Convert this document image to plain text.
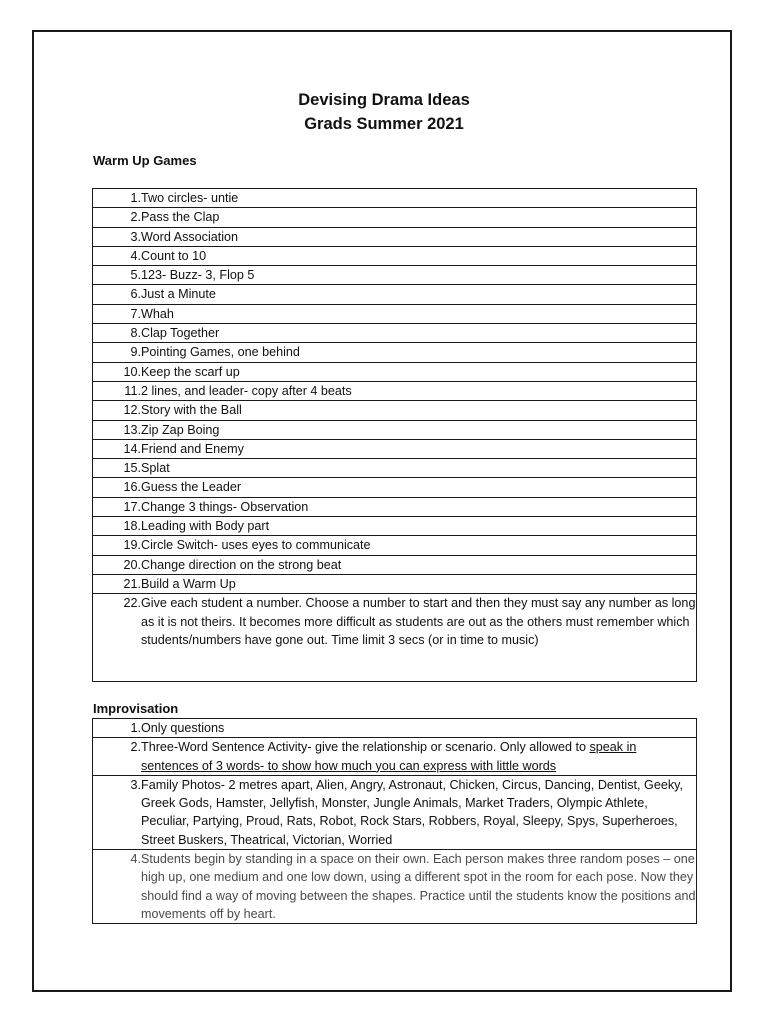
Devising Drama Ideas
Grads Summer 2021
Warm Up Games
1.	Two circles- untie
2.	Pass the Clap
3.	Word Association
4.	Count to 10
5.	123- Buzz- 3, Flop 5
6.	Just a Minute
7.	Whah
8.	Clap Together
9.	Pointing Games, one behind
10.	Keep the scarf up
11.	2 lines, and leader- copy after 4 beats
12.	Story with the Ball
13.	Zip Zap Boing
14.	Friend and Enemy
15.	Splat
16.	Guess the Leader
17.	Change 3 things- Observation
18.	Leading with Body part
19.	Circle Switch- uses eyes to communicate
20.	Change direction on the strong beat
21.	Build a Warm Up
22.	Give each student a number. Choose a number to start and then they must say any number as long as it is not theirs. It becomes more difficult as students are out as the others must remember which students/numbers have gone out. Time limit 3 secs (or in time to music)
Improvisation
1.	Only questions
2.	Three-Word Sentence Activity- give the relationship or scenario. Only allowed to speak in sentences of 3 words- to show how much you can express with little words
3.	Family Photos- 2 metres apart, Alien, Angry, Astronaut, Chicken, Circus, Dancing, Dentist, Geeky, Greek Gods, Hamster, Jellyfish, Monster, Jungle Animals, Market Traders, Olympic Athlete, Peculiar, Partying, Proud, Rats, Robot, Rock Stars, Robbers, Royal, Sleepy, Spys, Superheroes, Street Buskers, Theatrical, Victorian, Worried
4.	Students begin by standing in a space on their own. Each person makes three random poses – one high up, one medium and one low down, using a different spot in the room for each pose. Now they should find a way of moving between the shapes. Practice until the students know the positions and movements off by heart.
